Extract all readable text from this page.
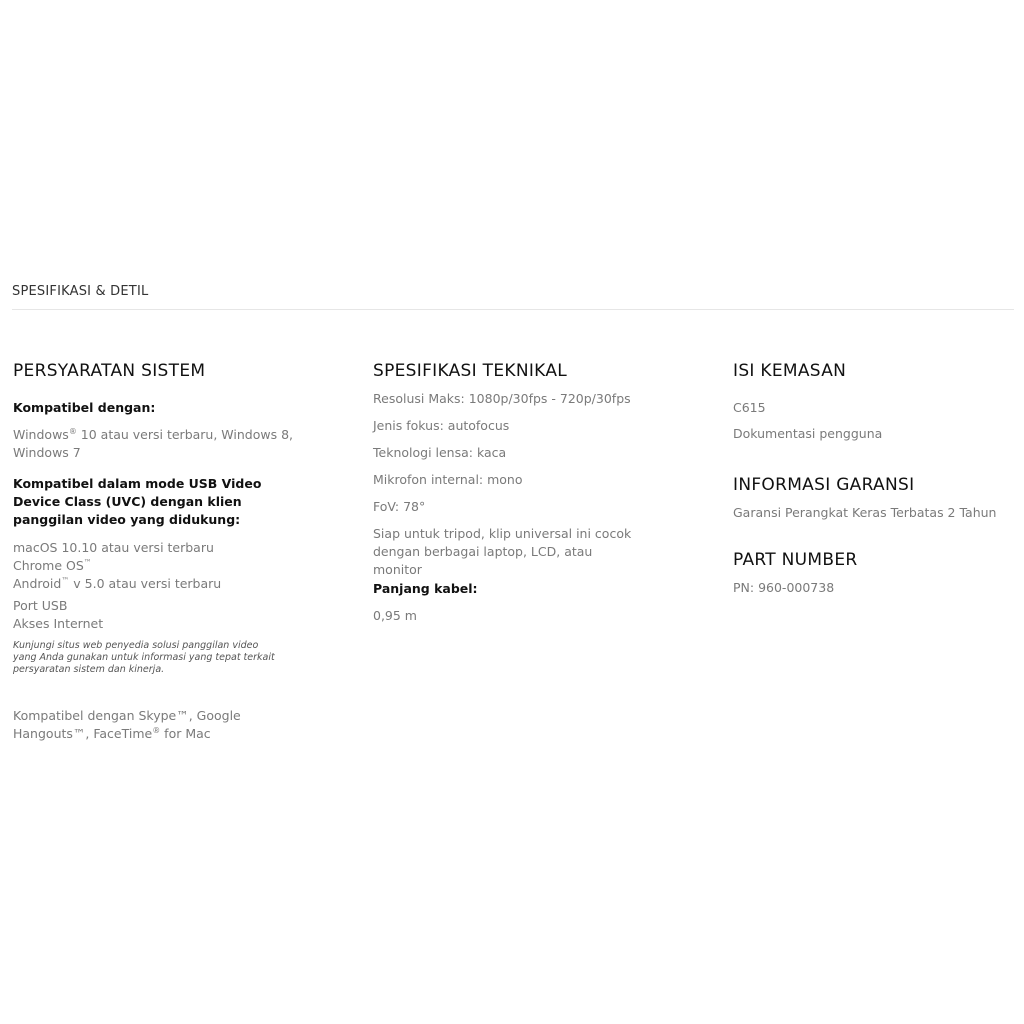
SPESIFIKASI & DETIL
PERSYARATAN SISTEM
Kompatibel dengan:
Windows® 10 atau versi terbaru, Windows 8, Windows 7
Kompatibel dalam mode USB Video Device Class (UVC) dengan klien panggilan video yang didukung:
macOS 10.10 atau versi terbaru
Chrome OS™
Android™ v 5.0 atau versi terbaru
Port USB
Akses Internet
Kunjungi situs web penyedia solusi panggilan video yang Anda gunakan untuk informasi yang tepat terkait persyaratan sistem dan kinerja.
Kompatibel dengan Skype™, Google Hangouts™, FaceTime® for Mac
SPESIFIKASI TEKNIKAL
Resolusi Maks: 1080p/30fps - 720p/30fps
Jenis fokus: autofocus
Teknologi lensa: kaca
Mikrofon internal: mono
FoV: 78°
Siap untuk tripod, klip universal ini cocok dengan berbagai laptop, LCD, atau monitor
Panjang kabel:
0,95 m
ISI KEMASAN
C615
Dokumentasi pengguna
INFORMASI GARANSI
Garansi Perangkat Keras Terbatas 2 Tahun
PART NUMBER
PN: 960-000738
